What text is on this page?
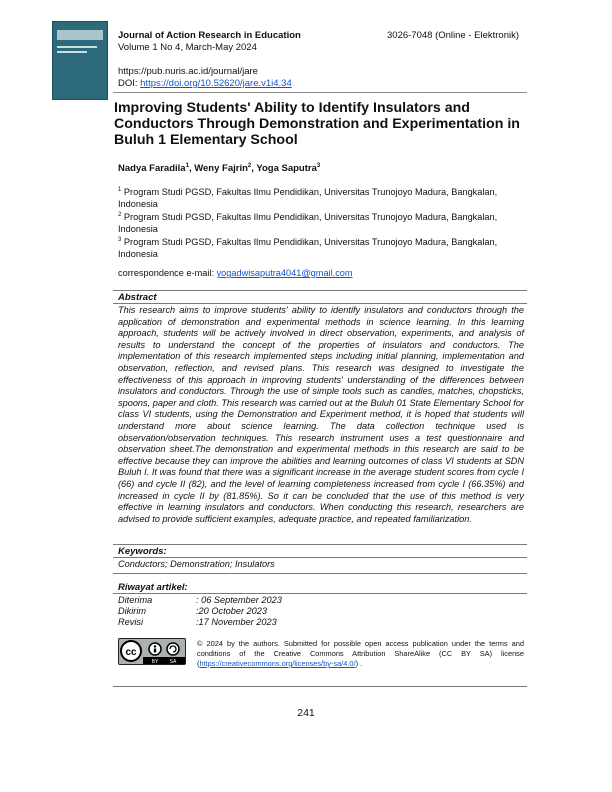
Journal of Action Research in Education	3026-7048 (Online - Elektronik)
Volume 1 No 4, March-May 2024
https://pub.nuris.ac.id/journal/jare
DOI: https://doi.org/10.52620/jare.v1i4.34
Improving Students' Ability to Identify Insulators and Conductors Through Demonstration and Experimentation in Buluh 1 Elementary School
Nadya Faradila$^1$, Weny Fajrin$^2$, Yoga Saputra$^3$
$^1$ Program Studi PGSD, Fakultas Ilmu Pendidikan, Universitas Trunojoyo Madura, Bangkalan, Indonesia
$^2$ Program Studi PGSD, Fakultas Ilmu Pendidikan, Universitas Trunojoyo Madura, Bangkalan, Indonesia
$^3$ Program Studi PGSD, Fakultas Ilmu Pendidikan, Universitas Trunojoyo Madura, Bangkalan, Indonesia
correspondence e-mail: yogadwisaputra4041@gmail.com
Abstract
This research aims to improve students' ability to identify insulators and conductors through the application of demonstration and experimental methods in science learning. In this learning approach, students will be actively involved in direct observation, experiments, and analysis of results to understand the concept of the properties of insulators and conductors. The implementation of this research implemented steps including initial planning, implementation and observation, reflection, and revised plans. This research was designed to investigate the effectiveness of this approach in improving students' understanding of the differences between insulators and conductors. Through the use of simple tools such as candles, matches, chopsticks, spoons, paper and cloth. This research was carried out at the Buluh 01 State Elementary School for class VI students, using the Demonstration and Experiment method, it is hoped that students will understand more about science learning. The data collection technique used is observation/observation techniques. This research instrument uses a test questionnaire and observation sheet.The demonstration and experimental methods in this research are said to be effective because they can improve the abilities and learning outcomes of class VI students at SDN Buluh I. It was found that there was a significant increase in the average student scores from cycle I (66) and cycle II (82), and the level of learning completeness increased from cycle I (66.35%) and increased in cycle II by (81.85%). So it can be concluded that the use of this method is very effective in learning insulators and conductors. When conducting this research, researchers are advised to provide sufficient examples, adequate practice, and repeated familiarization.
Keywords:
Conductors; Demonstration; Insulators
Riwayat artikel:
Diterima	: 06 September 2023
Dikirim	:20 October 2023
Revisi	:17 November 2023
cc
BY SA
© 2024 by the authors. Submitted for possible open access publication under the terms and conditions of the Creative Commons Attribution ShareAlike (CC BY SA) license (https://creativecommons.org/licenses/by-sa/4.0/) .
241
